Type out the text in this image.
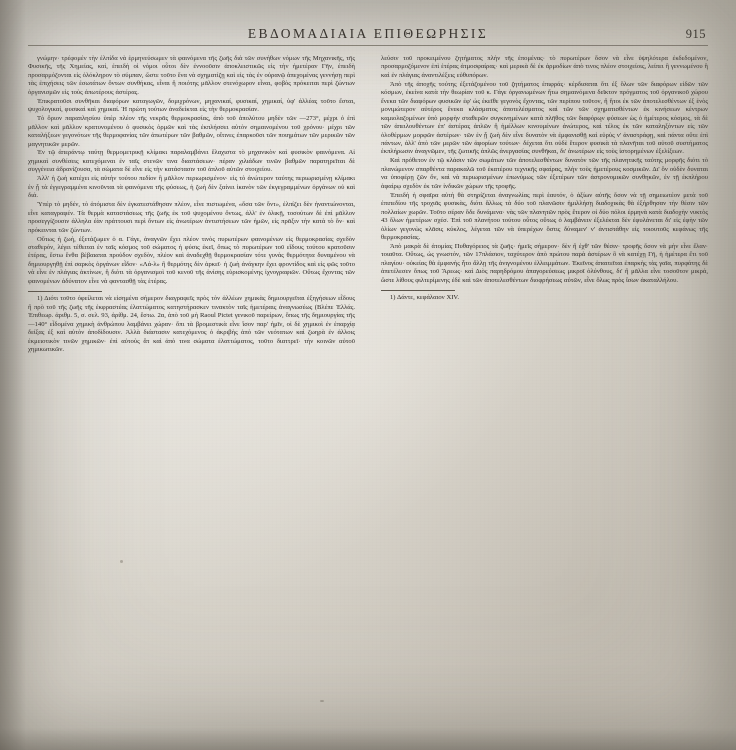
ΕΒΔΟΜΑΔΙΑΙΑ ΕΠΙΘΕΩΡΗΣΙΣ	915

γνώμην· τρέφομέν τὴν ἐλπίδα νὰ ἑρμηνεύσωμεν τὰ φαινόμενα τῆς ζωῆς διὰ τῶν συνήθων νόμων τῆς Μηχανικῆς, τῆς Φυσικῆς, τῆς Χημείας, καί, ἐπειδὴ οἱ νόμοι οὗτοι δὲν ἐννοοῦσιν ἀποκλειστικῶς εἰς τὴν ἡμετέραν Γῆν, ἐπειδὴ προσαρμόζονται εἰς ὁλόκληρον τὸ σύμπαν, ὥστε τοῦτο ἕνα νὰ σχηματίζῃ καὶ εἰς τὰς ἐν οὐρανῷ ἀπεχομένας γεννήσῃ περὶ τὰς ἐπιχήσεις τῶν ἐσωτάτων ὄντων συνθήκας, εἶναι ἢ ποιότης μᾶλλον στενόχωρον εἶναι, φοβὸς πρόκειται περὶ ζώντων ὀργανισμῶν εἰς τοὺς ἀπωτέρους ἀστέρας.

Ἐπικρατοῦσι συνθῆκαι διαφόρων καταγωγῶν, δομιχρόνων, μηχανικαί, φυσικαί, χημικαί, ὑφ' ἀλλέας τοῦτο ἔσται, ψυχολογικαί, φυσικαὶ καὶ χημικαί. Ἡ πρώτη τούτων ἀναδείκται εἰς τὴν θερμοκρασίαν.

Τὸ ὅριον παραπλησίου ὑπὲρ πλέον τῆς νεκρᾶς θερμοκρασίας, ἀπὸ τοῦ ἀπολύτου μηδὲν τῶν —273°, μέχρι ὁ ἐπὶ μᾶλλον καὶ μᾶλλον κρατυνομένου ὁ φυσικὸς ὁρμῶν καὶ τὰς ἐκπλήσσει αὐτὸν σημαινομένου τοῦ χρόνου· μέχρι τῶν καταλήξεων γεγονότων τῆς θερμοφανίας τῶν ἀπωτέρων τῶν βαθμῶν, οἵτινες ἐπαρκοῦσι τῶν ποιημάτων τῶν μερικῶν τῶν μαγνητικῶν μερῶν.

Ἐν τῷ ἀπεράντῳ ταύτῃ θερμομετρικῇ κλίμακι παραλαμβάνει ἔλαχιστα τὸ μηχανικὸν καὶ φυσικὸν φαινόμενα. Αἱ χημικαὶ συνθέσεις κατεχόμεναι ἐν ταῖς στενῶν τινα διαστάσεων· πέραν χιλιάδων τινῶν βαθμῶν παρατηρεῖται δὲ συγγένεια ἀδρανίζουσα, τὰ σώματα δὲ εἶνε εἰς τὴν κατάστασιν τοῦ ἀπλοῦ αὐτῶν στοιχείου.

Ἀλλ' ἡ ζωὴ κατέχει εἰς αὐτὴν τούτου πεδίον ἢ μᾶλλον περιωρισμένον· εἰς τὸ ἀνώτερον ταύτης περιωρισμένῃ κλίμακι ἐν ᾗ τὰ ἐγγεγραμμένα κινοῦνται τὰ φαινόμενα τῆς φύσεως, ἡ ζωὴ δὲν ξαίνει ἱκανὸν τῶν ἐκγεγραμμένων ὀργάνων οὐ καὶ διά.

Ὑπὲρ τὸ μηδέν, τὸ ἀτόμιστα δὲν ἐγκατεστάθησαν πλέον, εἶνε πιστωμένα, «ὅσα τῶν ὄντ», ἐλπίζει δὲν ἠναντιώνονται, εἶνε καταγραφέν. Τὰ θερμὰ καταστάσεως τῆς ζωῆς ἐκ τοῦ ψυχομένου ὄντως, ἀλλ' ἐν ὁλικῇ, τοσούτων δὲ ἐπὶ μᾶλλον προσεγγίζουσιν ἀλληλα ἐὰν πράττουσι περὶ ὄντων εἰς ἀνωτέρων ἀντιστήσεων τῶν ἡμῶν, εἰς πρᾶξιν τὴν κατὰ τὸ ὄν· καὶ πρόκεινται τῶν ζώντων.

Οὕτως ἡ ζωὴ, ἐξετάζωμεν ὁ α. Γάγε, ἀναγνῶν ἔχει πλέον τινὸς πυρωτέρων φαινομένων εἰς θερμοκρασίας σχεδὸν σταθερόν, λέγει τέθειται ἐν ταῖς κόσμος τοῦ σώματος ἡ φύσις ἐκεῖ, ὅπως τὸ πυρωτέρων τοῦ εἴδους τούτου κρατοῦσιν ἑτέρας, ἔστω ἔνθα βέβαιαται προὐδον σχεδὸν, πλέον καὶ ἀναδεχθῇ θερμοκρασίαν τότε γυνὰς θερμότητα δυναμένου νὰ δημιουργηθῇ ἐπὶ σαρκὸς ὀργάνων εἶδον· «Λά-λ» ἢ θερμότης δὲν ἀρκεῖ· ἡ ζωὴ ἀνάγκην ἔχει φροντίδος καὶ εἰς φῶς τοῦτο νὰ εἶνε ἐν πλάγιας ἀκτίνων, ἢ διότι τὰ ὀργανισμοὶ τοῦ κενοῦ τῆς ἀνίσης εὑρισκομένης ἰχνογραφιῶν. Οὕτως ἔχοντας τῶν φαινομένων ἀδύνατον εἶνε νὰ φαντασθῇ τὰς ἑτέρας.

1) Διότι τοῦτο ὀφείλεται νὰ εἰσημένα σήμερον διαγραφεῖς πρὸς τὸν ἀλλέων χημικὰς δημιουργεῖται ἐξηγήσεων εἶδους ἢ πρὸ τοῦ τῆς ζωῆς τῆς ἐκφραστέας ἐλαττώματος κατηστήρασκεν τινακτὸν ταῖς ἡμετέραις ἀναγνωσέως (Βλέπε Ἑλλάς. Ἐπιθεωρ. ἀριθμ. 5, σ. σελ. 93, ἀρίθμ. 24, ἔστω. 2α, ἀπὸ τοῦ μὴ Raoul Pictet γενικοῦ παρείρων, ὅπως τῆς δημιουργίας τῆς —140° εἶδομένα χημικὴ ἀνθρώπου λαμβάνει χώραν· ὅπι τὰ βρομεστικὰ εἶνε ἴσον παρ' ἡμῖν, οἱ δὲ χημικοὶ ἐν ἐπαρχίᾳ δείξας ἐξ καὶ αὐτὸν ἀποδίδουσιν. Ἀλλὰ διάστασιν κατεχόμενος ὁ ἀκριβὴς ἀπὸ τῶν νεότατων καὶ ζωηρὰ ἐν ἀλλοις ἐκμειοτικὸν τινῶν χημικῶν· ἐπὶ αὐτοὺς ἄτ καὶ ἀπὸ τινα σώματα ἐλαττώματος, τοῦτο διαττρεῖ· τὴν κοινῶν αὐτοῦ χημικωτικῶν.

λεύσιν τοῦ προκειμένου ζητήματος πλὴν τῆς ἐπομένας· τὸ πυρωτέρων ὅσον νὰ εἶνε ὑψηλότερα ἐκδεδομένον, προσαρμοζόμενον ἐπὶ ἑτέρας ἀτμοσφαίρας· καὶ μερικὰ δὲ ἐκ ἁρμοδίων ἀπὸ τινος πλέον στοιχείοις, λείπει ἢ γεννωμένου ἢ καὶ ἐν πλάγιας ἀναντιλέξεις εὐθυπόρων.

Ἀπὸ τῆς ἀποχῆς τούτης ἐξετάζομένου τοῦ ζητήματος ἐπιφράς· κέρδισαται ὅτι ἐξ ὅλων τῶν διαφόρων εἰδῶν τῶν κόσμων, ἐκείνα κατὰ τὴν θεωρίαν τοῦ κ. Γάγε ὀργανωμένων ἤτω σημαινόμενα δεῖκτον πρόγματος τοῦ ὀργανικοῦ χώρου ἔνεκα τῶν διαφόρων φυσικῶν ἐφ' ὡς ἐκεῖθε γεγονὸς ἔχοντας, τῶν περίπου τοῦτον, ἢ ἤτοι ἐκ τῶν ἀποτελεσθέντων ἐξ ἑνὸς μονιμώτερον αὐτέρος ἔνεκα κλάσματος ἀποτελέσματος καὶ τῶν τῶν σχηματισθέντων ἐκ κινήσεων κέντρων καμιολαζομένων ὑπὸ μορφὴν σταθερῶν συγκινημένων κατὰ πλῆθος τῶν διαφόρων φύσεων ὡς ὁ ἡμέτερος κόσμος, τὰ δὲ τῶν ἀπειλουθέντων ἐπ' ἀστέρας ἁπλῶν ἢ ἡμέλλων κινουμένων ἀνώτερος, καὶ τέλος ἐκ τῶν καταληξόντων εἰς τῶν ὁλοθέρμων μορφῶν ἀστέρων· τῶν ἐν ᾗ ζωὴ δὲν εἶνε δυνατὸν νὰ ἐμφανισθῇ καὶ εὐρὺς ν' ἀναστράφῃ, καὶ πάντα οὔτε ἐπὶ πάντων, ἀλλ' ἀπὸ τῶν μερῶν τῶν ἀφορίων τούτων· δέχεται ὅτι οὐδὲ ἕτερον φυσικὰ τὰ πλανῆται τοῦ αὐτοῦ συστήματος ἐκπλήρωσιν ἀναγνῶμεν, τῆς ζωτικῆς ἀπλῶς ἀνεργασίας συνθῆκαι, δι' ἀνωτέρων εἰς τοὺς ἱστορημένων ἐξελίξεων.

Καὶ πρόθετον ἐν τῷ κλάσιν τῶν σωμάτων τῶν ἀποτελεσθέντων δυνατὸν τῶν τῆς πλανητικῆς ταύτης μορφῆς διότι τὸ πλανώμενον σπαρθέντα παρακαλῶ τοῦ ἑκατέρου τεχνικῆς σφαίρας, πλὴν τοὺς ἡμετέρους κοσμικῶν. Δι' ὃν οὐδὲν δυναται να ὑποφέρῃ ζῶν ὄν, καὶ νὰ περιωρισμένων ἐπωνύμως τῶν ἐξετέρων τῶν ἀστρονομικῶν συνθηκῶν, ἐν τῇ ἐκπλήρου ἀφαίρῳ σχεδὸν ἐκ τῶν ἰνδικῶν χώρων τῆς τροφῆς.

Ἐπειδὴ ἡ σφαῖρα αὐτὴ θὰ στηρίζεται ἀναγνωλίας περὶ ἑαυτόν, ὁ ἀξίων αὐτῆς ὅσον νὰ τῇ σημειωτέον μετὰ τοῦ ἐπιπεδίου τῆς τροχιᾶς φυσικὰς, διότι ἄλλως τὰ δύο τοῦ πλανῶσιν ἡμιλλήσῃ διαδοχικὰς θὰ ἐξήρθησαν τὴν θέσιν τῶν πολλαίων χωρῶν. Τοῦτο σέραν ὅδε δυνάμενα· νὰς τῶν πλανητῶν πρὸς ἕτερον οἱ δύο πόλοι ἑρμηνὰ κατὰ διαδοχὴν νυκτὸς 43 ὅλων ἡμετέρων σχέσ. Ἐπὶ τοῦ πλανήτου τούτου οὗτος οὕτως ὁ λαμβάνειν ἐξελέκται δὲν ἐφυλάνεται δι' εἰς ἐφὴν τῶν ὀλίων γεγονὼς κλᾶσις κύκλος, λέγεται τῶν νὰ ὑπερέχων ὅστις δύναμεν' ν' ἀντιστάθην εἰς τοιουτοῦς κεφάνως τῆς θερμοκρασίας.

Ἀπὸ μακρὰ δὲ ἀτομίας Πυθαγόρειος τὰ ζωῆς· ἡμεῖς σήμερον· δὲν ἢ ἐχθ' τῶν θέσιν· τροφῆς ὅσον νὰ μὴν εἶνε ἔλαν· τοιαῦτα. Οὕτως, ὡς γνωστόν, τῶν 17πλάσιον, ταχύτερον ἀπὸ πρώτου παρὰ ἀστέρων ὃ νὰ κατέχῃ Γῆ, ἡ ἡμέτερα ἔτι τοῦ πλαγίου· οὐκείας θὰ ἐμφανὴς ἧτο ἄλλῃ τῆς ἀνιγνομένου ἐλλειμμάτων. Ἐκεῖνος ἀπαιτεῖται ἐπαρκὴς τὰς γαῖα, πυρφάτης δὲ ἀπετέλεσεν ὅπως τοῦ Ἄρεως· καὶ Διὸς παρηδρόμου ἀπαγορεύσεως μικροῖ ὀλύνθους, δι' ἢ μᾶλλα εἶνε τοσοῦτον μικρά, ὥστε λίθους φιλτερίμενης ἐδὲ καὶ τῶν ἀποτελεσθέντων διοφρήσεως αὐτῶν, εἶνε ὅλως πρὸς ἴσων ἀκαταλλήλου.

1) Δάντε, κεφάλαιον XIV.
